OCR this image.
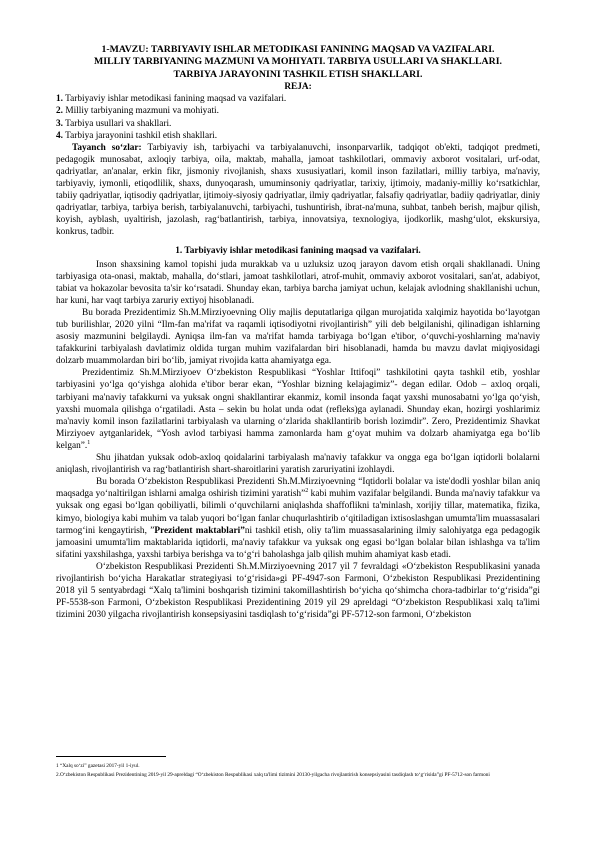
1-MAVZU: TARBIYAVIY ISHLAR METODIKASI FANINING MAQSAD VA VAZIFALARI.
MILLIY TARBIYANING MAZMUNI VA MOHIYATI. TARBIYA USULLARI VA SHAKLLARI.
TARBIYA JARAYONINI TASHKIL ETISH SHAKLLARI.
REJA:
1. Tarbiyaviy ishlar metodikasi fanining maqsad va vazifalari.
2. Milliy tarbiyaning mazmuni va mohiyati.
3. Tarbiya usullari va shakllari.
4. Tarbiya jarayonini tashkil etish shakllari.

Tayanch so‘zlar: Tarbiyaviy ish, tarbiyachi va tarbiyalanuvchi, insonparvarlik, tadqiqot ob'ekti, tadqiqot predmeti, pedagogik munosabat, axloqiy tarbiya, oila, maktab, mahalla, jamoat tashkilotlari, ommaviy axborot vositalari, urf-odat, qadriyatlar, an'analar, erkin fikr, jismoniy rivojlanish, shaxs xususiyatlari, komil inson fazilatlari, milliy tarbiya, ma'naviy, tarbiyaviy, iymonli, etiqodlilik, shaxs, dunyoqarash, umuminsoniy qadriyatlar, tarixiy, ijtimoiy, madaniy-milliy ko‘rsatkichlar, tabiiy qadriyatlar, iqtisodiy qadriyatlar, ijtimoiy-siyosiy qadriyatlar, ilmiy qadriyatlar, falsafiy qadriyatlar, badiiy qadriyatlar, diniy qadriyatlar, tarbiya, tarbiya berish, tarbiyalanuvchi, tarbiyachi, tushuntirish, ibrat-na'muna, suhbat, tanbeh berish, majbur qilish, koyish, ayblash, uyaltirish, jazolash, rag‘batlantirish, tarbiya, innovatsiya, texnologiya, ijodkorlik, mashg‘ulot, ekskursiya, konkrus, tadbir.

1. Tarbiyaviy ishlar metodikasi fanining maqsad va vazifalari.

Inson shaxsining kamol topishi juda murakkab va u uzluksiz uzoq jarayon davom etish orqali shakllanadi. Uning tarbiyasiga ota-onasi, maktab, mahalla, do‘stlari, jamoat tashkilotlari, atrof-muhit, ommaviy axborot vositalari, san'at, adabiyot, tabiat va hokazolar bevosita ta'sir ko‘rsatadi. Shunday ekan, tarbiya barcha jamiyat uchun, kelajak avlodning shakllanishi uchun, har kuni, har vaqt tarbiya zaruriy extiyoj hisoblanadi.

Bu borada Prezidentimiz Sh.M.Mirziyoevning Oliy majlis deputatlariga qilgan murojatida xalqimiz hayotida bo‘layotgan tub burilishlar, 2020 yilni “Ilm-fan ma'rifat va raqamli iqtisodiyotni rivojlantirish” yili deb belgilanishi, qilinadigan ishlarning asosiy mazmunini belgilaydi. Ayniqsa ilm-fan va ma'rifat hamda tarbiyaga bo‘lgan e'tibor, o‘quvchi-yoshlarning ma'naviy tafakkurini tarbiyalash davlatimiz oldida turgan muhim vazifalardan biri hisoblanadi, hamda bu mavzu davlat miqiyosidagi dolzarb muammolardan biri bo‘lib, jamiyat rivojida katta ahamiyatga ega.

Prezidentimiz Sh.M.Mirziyoev O‘zbekiston Respublikasi “Yoshlar Ittifoqi” tashkilotini qayta tashkil etib, yoshlar tarbiyasini yo‘lga qo‘yishga alohida e'tibor berar ekan, “Yoshlar bizning kelajagimiz”- degan edilar. Odob – axloq orqali, tarbiyani ma'naviy tafakkurni va yuksak ongni shakllantirar ekanmiz, komil insonda faqat yaxshi munosabatni yo‘lga qo‘yish, yaxshi muomala qilishga o‘rgatiladi. Asta – sekin bu holat unda odat (refleks)ga aylanadi. Shunday ekan, hozirgi yoshlarimiz ma'naviy komil inson fazilatlarini tarbiyalash va ularning o‘zlarida shakllantirib borish lozimdir”. Zero, Prezidentimiz Shavkat Mirziyoev aytganlaridek, “Yosh avlod tarbiyasi hamma zamonlarda ham g‘oyat muhim va dolzarb ahamiyatga ega bo‘lib kelgan”.$^1$

Shu jihatdan yuksak odob-axloq qoidalarini tarbiyalash ma'naviy tafakkur va ongga ega bo‘lgan iqtidorli bolalarni aniqlash, rivojlantirish va rag‘batlantirish shart-sharoitlarini yaratish zaruriyatini izohlaydi.

Bu borada O‘zbekiston Respublikasi Prezidenti Sh.M.Mirziyoevning “Iqtidorli bolalar va iste'dodli yoshlar bilan aniq maqsadga yo‘naltirilgan ishlarni amalga oshirish tizimini yaratish”$^2$ kabi muhim vazifalar belgilandi. Bunda ma'naviy tafakkur va yuksak ong egasi bo‘lgan qobiliyatli, bilimli o‘quvchilarni aniqlashda shaffoflikni ta'minlash, xorijiy tillar, matematika, fizika, kimyo, biologiya kabi muhim va talab yuqori bo‘lgan fanlar chuqurlashtirib o‘qitiladigan ixtisoslashgan umumta'lim muassasalari tarmog‘ini kengaytirish, ”Prezident maktablari”ni tashkil etish, oliy ta'lim muassasalarining ilmiy salohiyatga ega pedagogik jamoasini umumta'lim maktablarida iqtidorli, ma'naviy tafakkur va yuksak ong egasi bo‘lgan bolalar bilan ishlashga va ta'lim sifatini yaxshilashga, yaxshi tarbiya berishga va to‘g‘ri baholashga jalb qilish muhim ahamiyat kasb etadi.

O‘zbekiston Respublikasi Prezidenti Sh.M.Mirziyoevning 2017 yil 7 fevraldagi «O‘zbekiston Respublikasini yanada rivojlantirish bo‘yicha Harakatlar strategiyasi to‘g‘risida»gi PF-4947-son Farmoni, O‘zbekiston Respublikasi Prezidentining 2018 yil 5 sentyabrdagi “Xalq ta'limini boshqarish tizimini takomillashtirish bo‘yicha qo‘shimcha chora-tadbirlar to‘g‘risida”gi PF-5538-son Farmoni, O‘zbekiston Respublikasi Prezidentining 2019 yil 29 apreldagi “O‘zbekiston Respublikasi xalq ta'limi tizimini 2030 yilgacha rivojlantirish konsepsiyasini tasdiqlash to‘g‘risida”gi PF-5712-son farmoni, O‘zbekiston

1 “Xalq so‘zi” gazetasi 2017-yil 1-iyul.
2.O‘zbekiston Respublikasi Prezidentining 2019-yil 29-apreldagi “O‘zbekiston Respublikasi xalq ta'limi tizimini 20130-yilgacha rivojlantirish konsepsiyasini tasdiqlash to‘g‘risida”gi PF-5712-son farmoni
